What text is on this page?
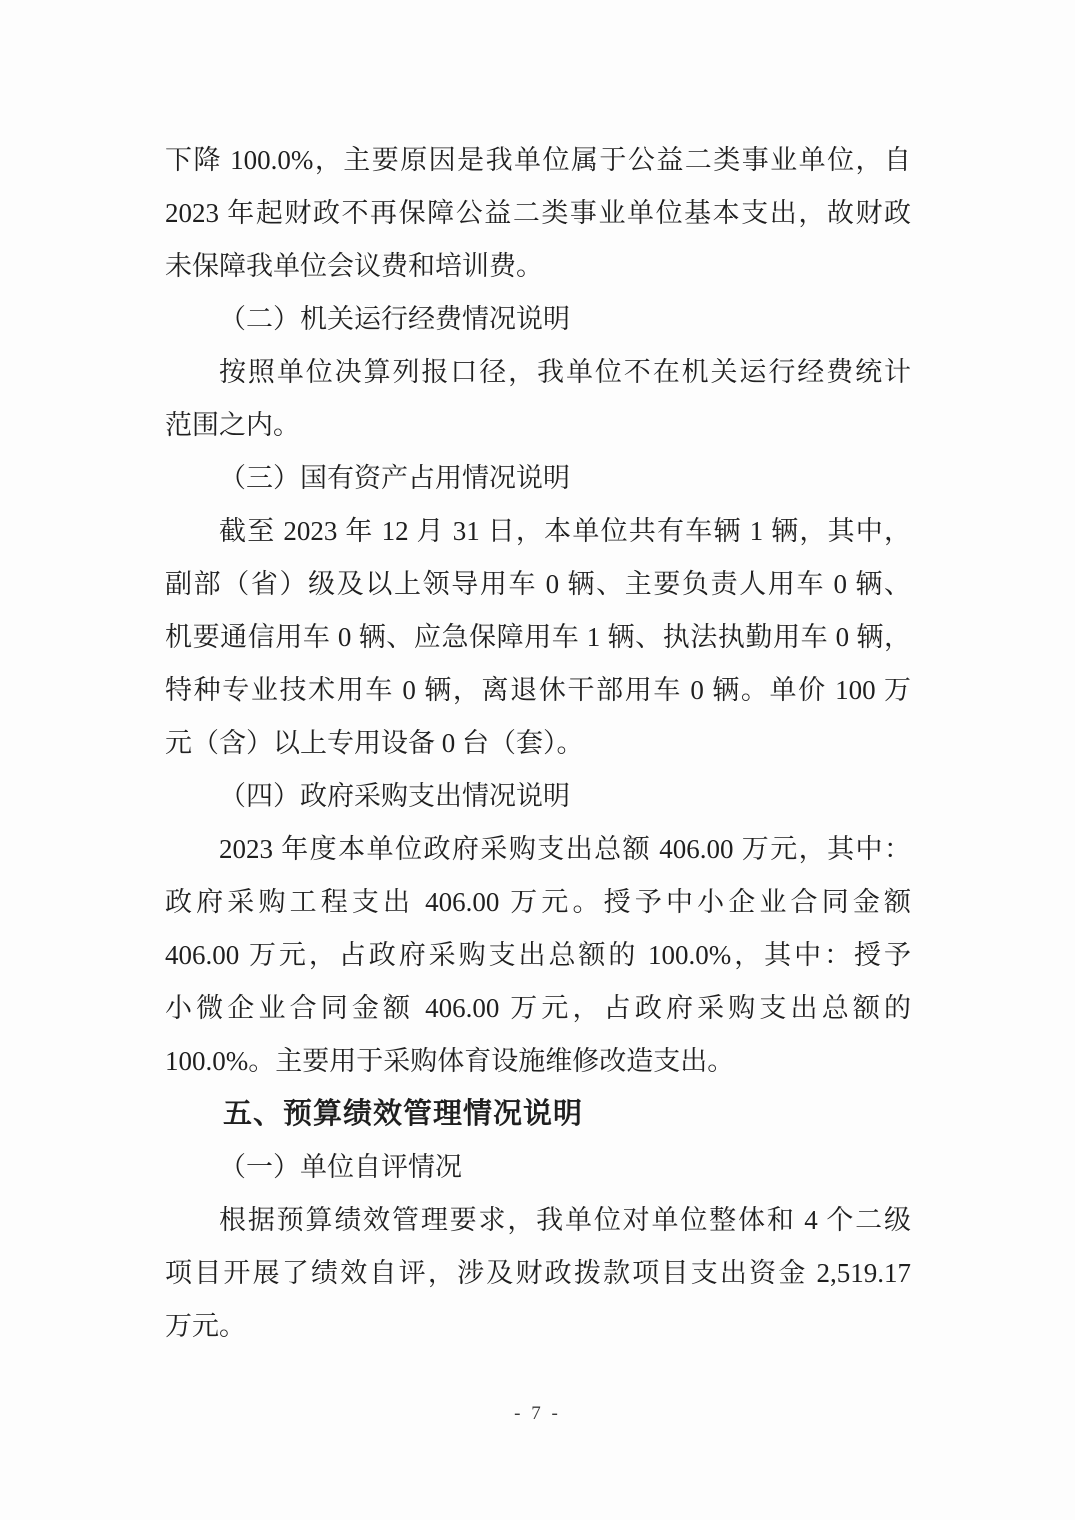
下降 100.0%，主要原因是我单位属于公益二类事业单位，自
2023 年起财政不再保障公益二类事业单位基本支出，故财政
未保障我单位会议费和培训费。
（二）机关运行经费情况说明
按照单位决算列报口径，我单位不在机关运行经费统计
范围之内。
（三）国有资产占用情况说明
截至 2023 年 12 月 31 日，本单位共有车辆 1 辆，其中，
副部（省）级及以上领导用车 0 辆、主要负责人用车 0 辆、
机要通信用车 0 辆、应急保障用车 1 辆、执法执勤用车 0 辆，
特种专业技术用车 0 辆，离退休干部用车 0 辆。单价 100 万
元（含）以上专用设备 0 台（套）。
（四）政府采购支出情况说明
2023 年度本单位政府采购支出总额 406.00 万元，其中：
政府采购工程支出 406.00 万元。授予中小企业合同金额
406.00 万元，占政府采购支出总额的 100.0%，其中：授予
小微企业合同金额 406.00 万元，占政府采购支出总额的
100.0%。主要用于采购体育设施维修改造支出。
五、预算绩效管理情况说明
（一）单位自评情况
根据预算绩效管理要求，我单位对单位整体和 4 个二级
项目开展了绩效自评，涉及财政拨款项目支出资金 2,519.17
万元。
- 7 -
